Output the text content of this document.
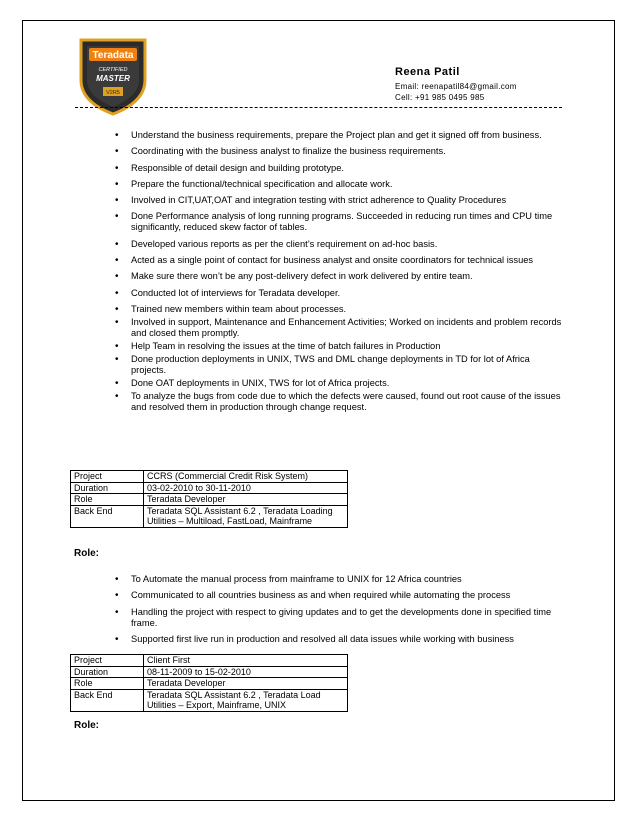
Teradata
CERTIFIED
MASTER
V2R5
Reena Patil
Email: reenapatil84@gmail.com
Cell: +91 985 0495 985
• Understand the business requirements, prepare the Project plan and get it signed off from business.
• Coordinating with the business analyst to finalize the business requirements.
• Responsible of detail design and building prototype.
• Prepare the functional/technical specification and allocate work.
• Involved in CIT,UAT,OAT and integration testing with strict adherence to Quality Procedures
• Done Performance analysis of long running programs. Succeeded in reducing run times and CPU time significantly, reduced skew factor of tables.
• Developed various reports as per the client’s requirement on ad-hoc basis.
• Acted as a single point of contact for business analyst and onsite coordinators for technical issues
• Make sure there won’t be any post-delivery defect in work delivered by entire team.
• Conducted lot of interviews for Teradata developer.
• Trained new members within team about processes.
• Involved in support, Maintenance and Enhancement Activities; Worked on incidents and problem records and closed them promptly.
• Help Team in resolving the issues at the time of batch failures in Production
• Done production deployments in UNIX, TWS and DML change deployments in TD for lot of Africa projects.
• Done OAT deployments in UNIX, TWS for lot of Africa projects.
• To analyze the bugs from code due to which the defects were caused, found out root cause of the issues and resolved them in production through change request.
Project	CCRS (Commercial Credit Risk System)
Duration	03-02-2010 to 30-11-2010
Role	Teradata Developer
Back End	Teradata SQL Assistant 6.2 , Teradata Loading Utilities – Multiload, FastLoad, Mainframe
Role:
• To Automate the manual process from mainframe to UNIX for 12 Africa countries
• Communicated to all countries business as and when required while automating the process
• Handling the project with respect to giving updates and to get the developments done in specified time frame.
• Supported first live run in production and resolved all data issues while working with business
Project	Client First
Duration	08-11-2009 to 15-02-2010
Role	Teradata Developer
Back End	Teradata SQL Assistant 6.2 , Teradata Load Utilities – Export, Mainframe, UNIX
Role:
